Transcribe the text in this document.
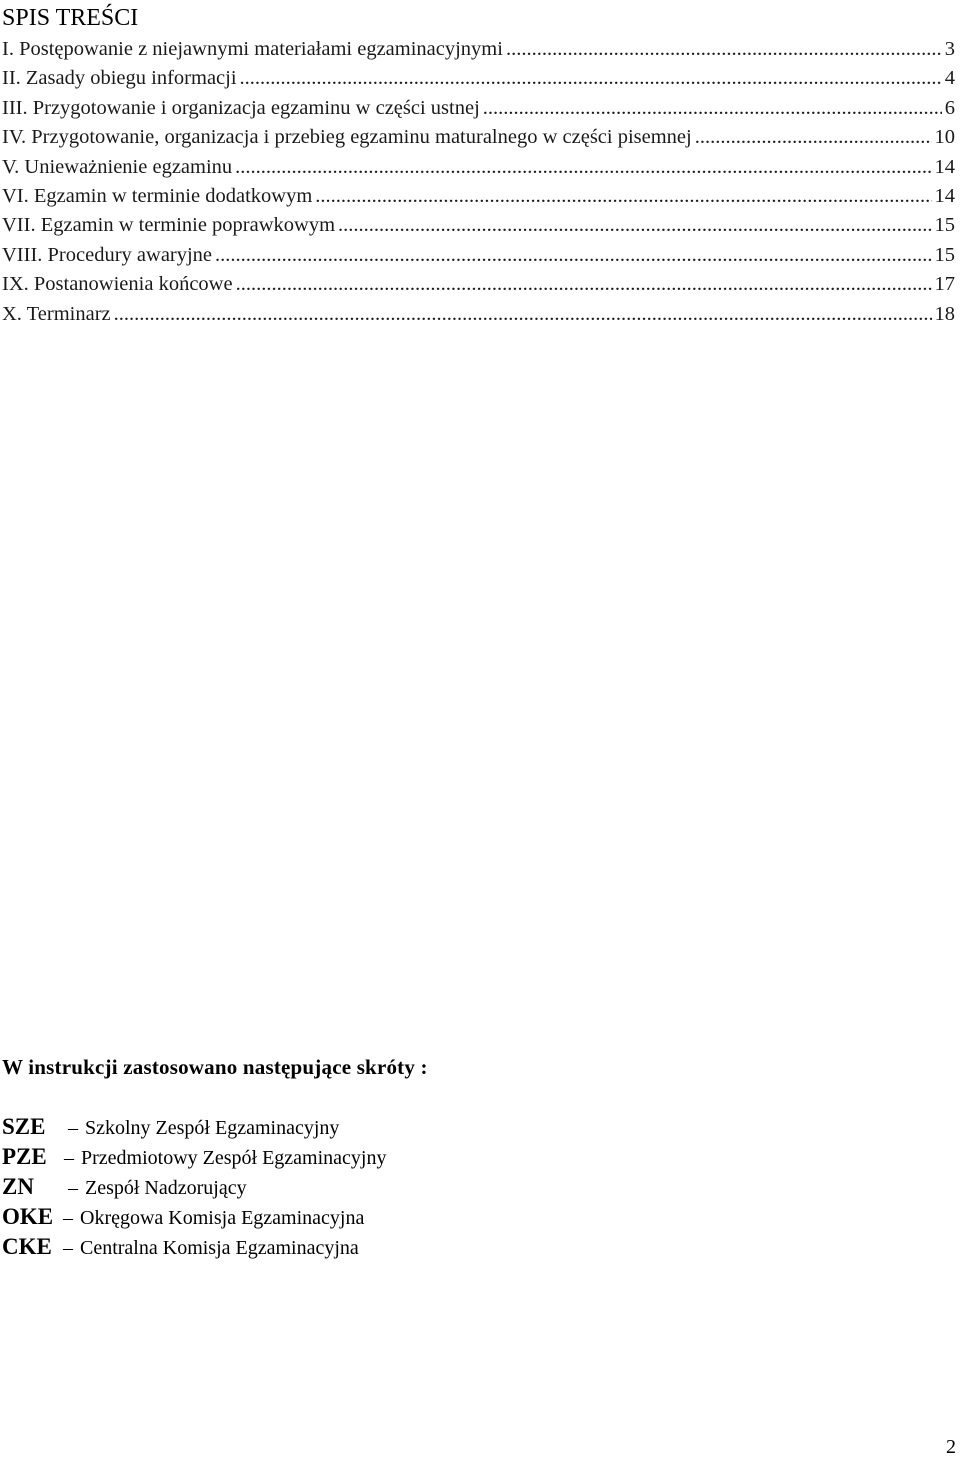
SPIS TREŚCI
I. Postępowanie z niejawnymi materiałami egzaminacyjnymi .....	3
II. Zasady obiegu informacji .....	4
III. Przygotowanie i organizacja egzaminu w części ustnej .....	6
IV. Przygotowanie, organizacja i przebieg egzaminu maturalnego w części pisemnej .....	10
V. Unieważnienie egzaminu .....	14
VI. Egzamin w terminie dodatkowym .....	14
VII. Egzamin w terminie poprawkowym .....	15
VIII. Procedury awaryjne .....	15
IX. Postanowienia końcowe .....	17
X. Terminarz .....	18
W instrukcji zastosowano następujące skróty :
SZE – Szkolny Zespół Egzaminacyjny
PZE – Przedmiotowy Zespół Egzaminacyjny
ZN – Zespół Nadzorujący
OKE – Okręgowa Komisja Egzaminacyjna
CKE – Centralna Komisja Egzaminacyjna
2
